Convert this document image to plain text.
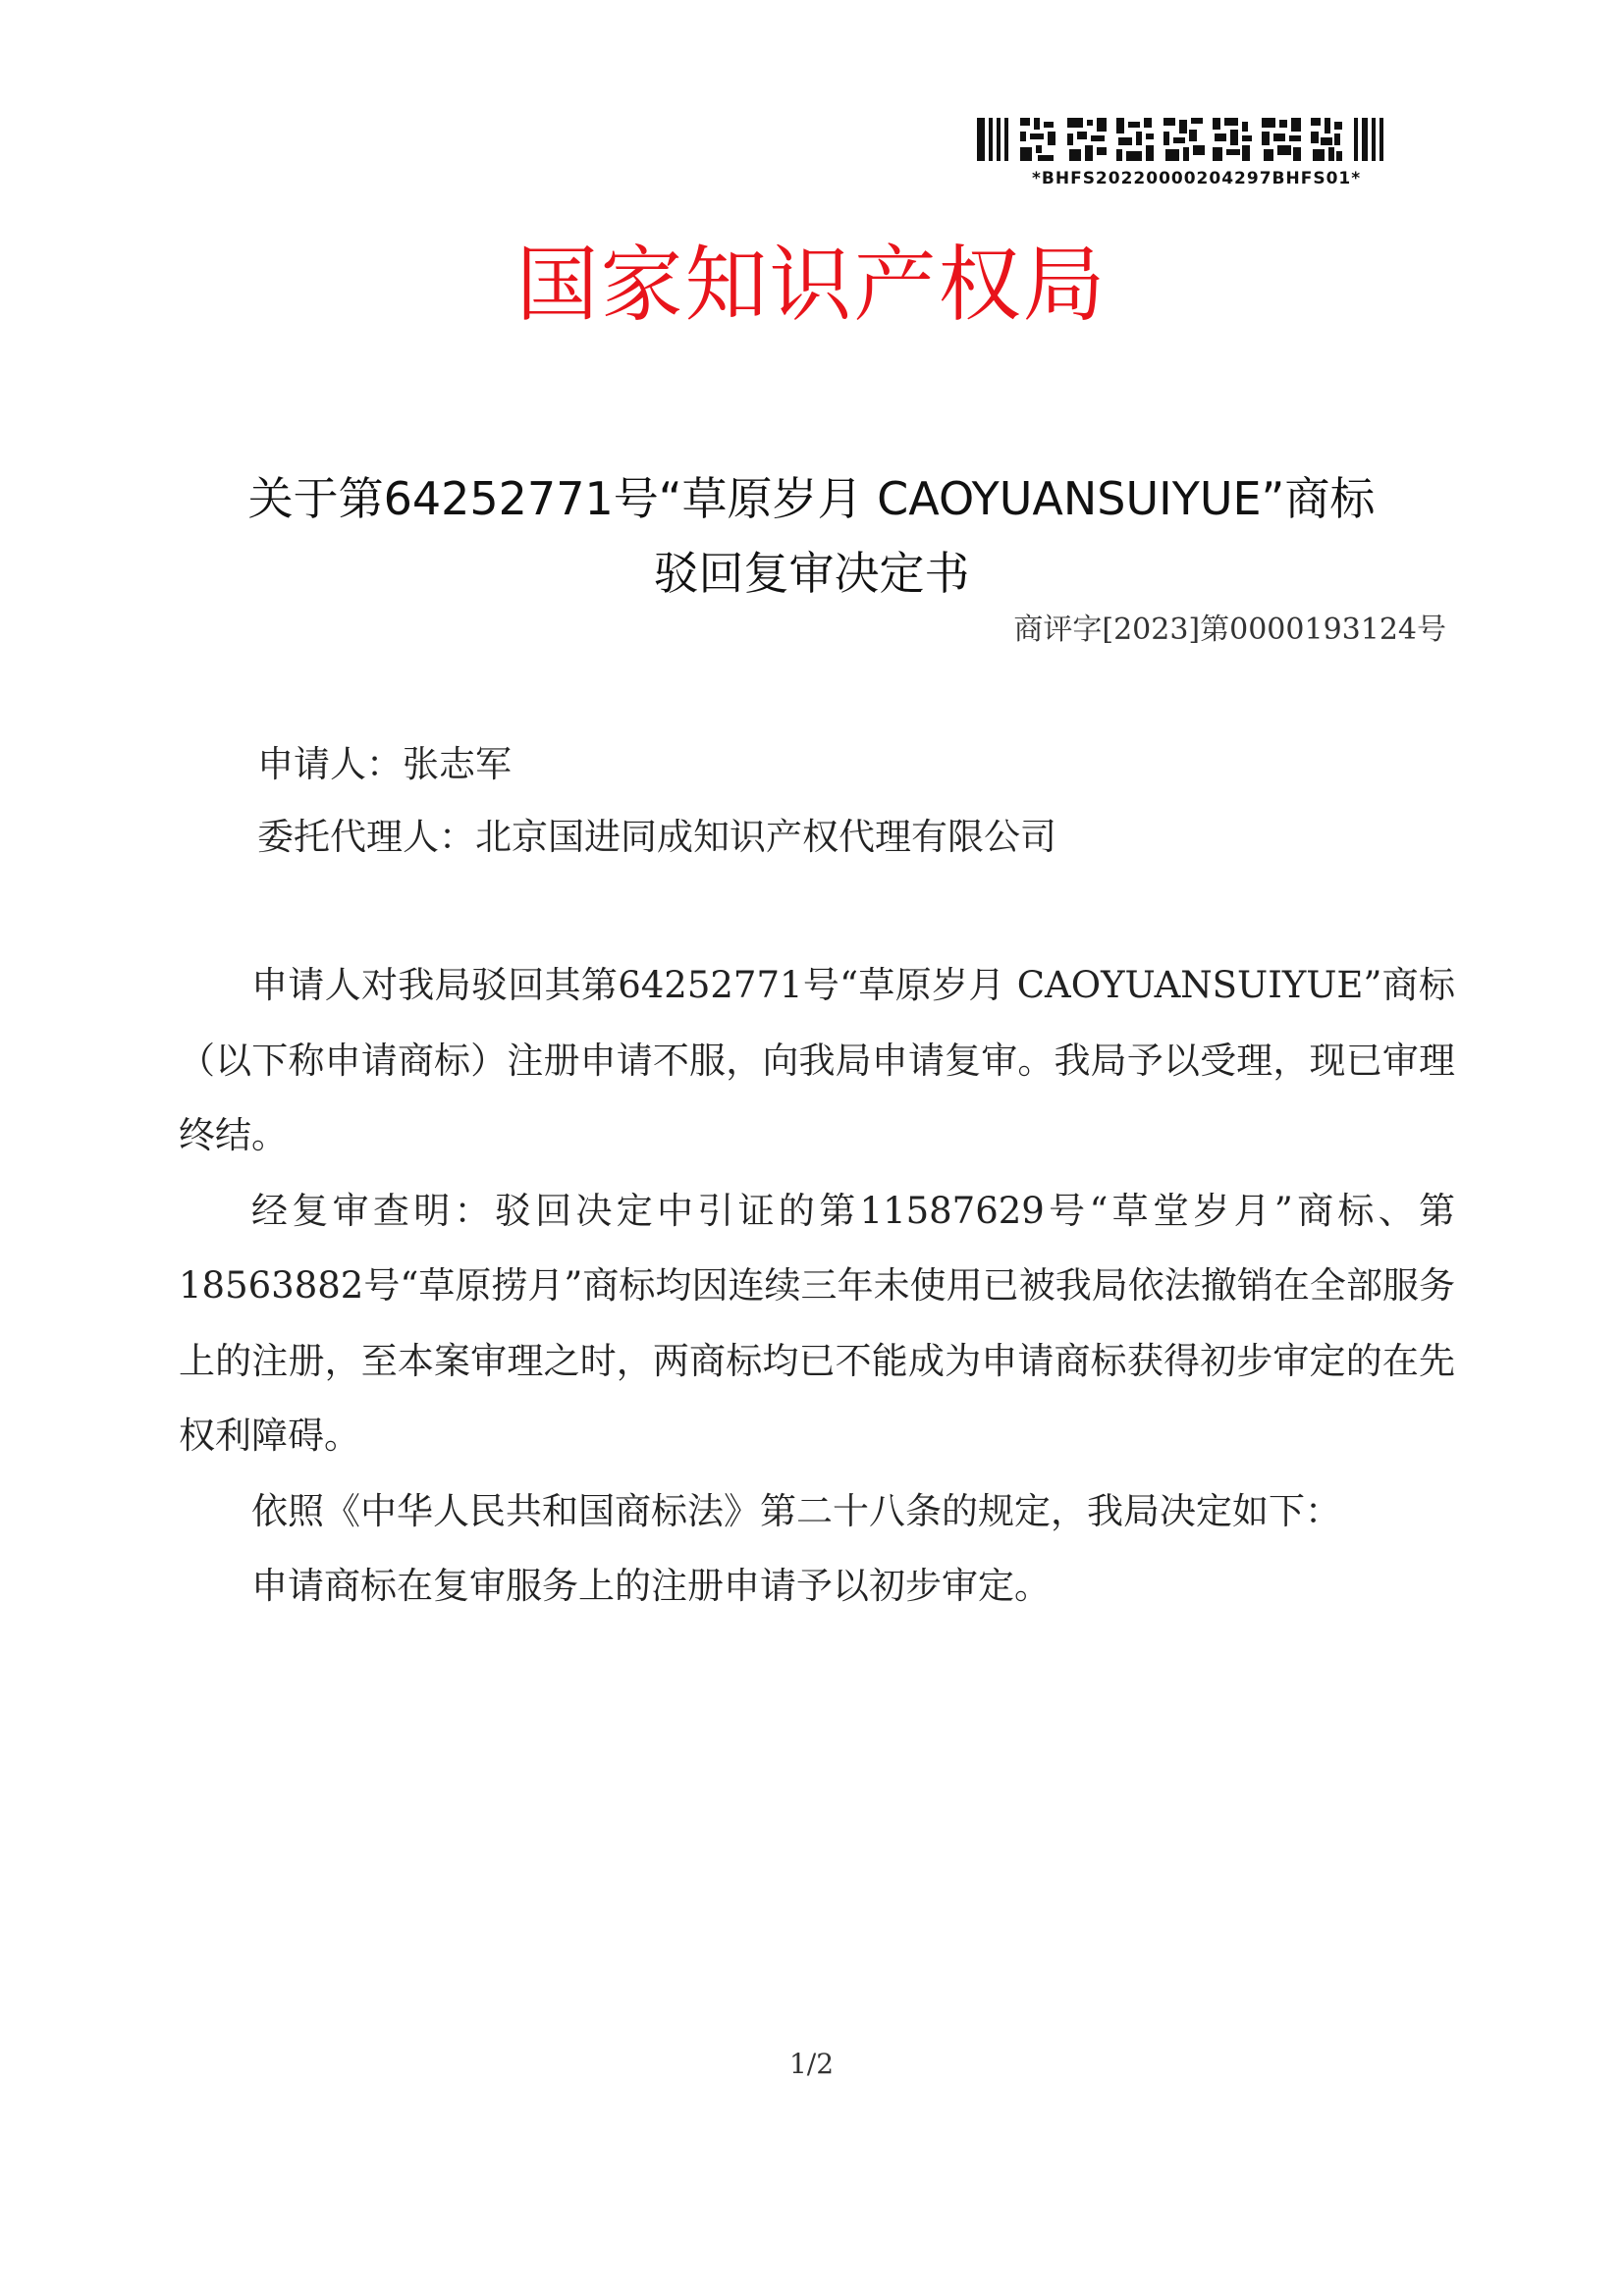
*BHFS20220000204297BHFS01*
国家知识产权局
关于第64252771号“草原岁月 CAOYUANSUIYUE”商标
驳回复审决定书
商评字[2023]第0000193124号
申请人：张志军
委托代理人：北京国进同成知识产权代理有限公司

申请人对我局驳回其第64252771号“草原岁月 CAOYUANSUIYUE”商标（以下称申请商标）注册申请不服，向我局申请复审。我局予以受理，现已审理终结。

经复审查明：驳回决定中引证的第11587629号“草堂岁月”商标、第18563882号“草原捞月”商标均因连续三年未使用已被我局依法撤销在全部服务上的注册，至本案审理之时，两商标均已不能成为申请商标获得初步审定的在先权利障碍。

依照《中华人民共和国商标法》第二十八条的规定，我局决定如下：

申请商标在复审服务上的注册申请予以初步审定。

1/2
